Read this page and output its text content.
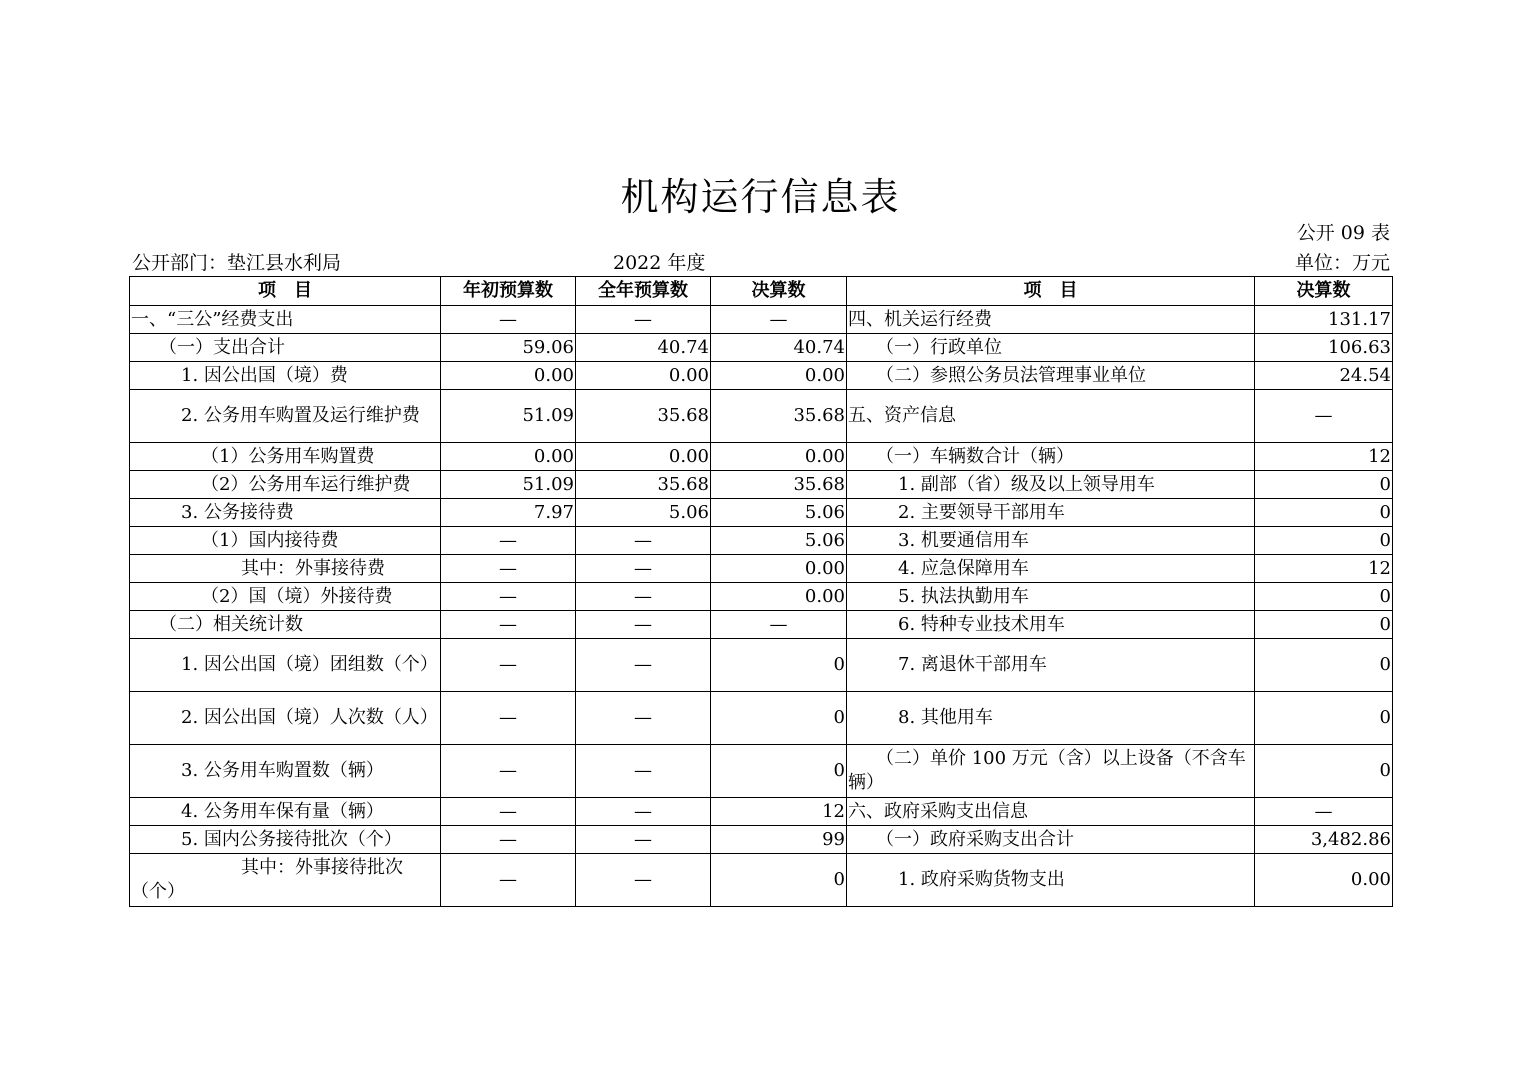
机构运行信息表
公开 09 表
公开部门：垫江县水利局	2022 年度	单位：万元
项　目	年初预算数	全年预算数	决算数	项　目	决算数
一、“三公”经费支出	—	—	—	四、机关运行经费	131.17
（一）支出合计	59.06	40.74	40.74	（一）行政单位	106.63
1. 因公出国（境）费	0.00	0.00	0.00	（二）参照公务员法管理事业单位	24.54
2. 公务用车购置及运行维护费	51.09	35.68	35.68	五、资产信息	—
（1）公务用车购置费	0.00	0.00	0.00	（一）车辆数合计（辆）	12
（2）公务用车运行维护费	51.09	35.68	35.68	1. 副部（省）级及以上领导用车	0
3. 公务接待费	7.97	5.06	5.06	2. 主要领导干部用车	0
（1）国内接待费	—	—	5.06	3. 机要通信用车	0
其中：外事接待费	—	—	0.00	4. 应急保障用车	12
（2）国（境）外接待费	—	—	0.00	5. 执法执勤用车	0
（二）相关统计数	—	—	—	6. 特种专业技术用车	0
1. 因公出国（境）团组数（个）	—	—	0	7. 离退休干部用车	0
2. 因公出国（境）人次数（人）	—	—	0	8. 其他用车	0
3. 公务用车购置数（辆）	—	—	0	（二）单价 100 万元（含）以上设备（不含车辆）	0
4. 公务用车保有量（辆）	—	—	12	六、政府采购支出信息	—
5. 国内公务接待批次（个）	—	—	99	（一）政府采购支出合计	3,482.86
其中：外事接待批次（个）	—	—	0	1. 政府采购货物支出	0.00
